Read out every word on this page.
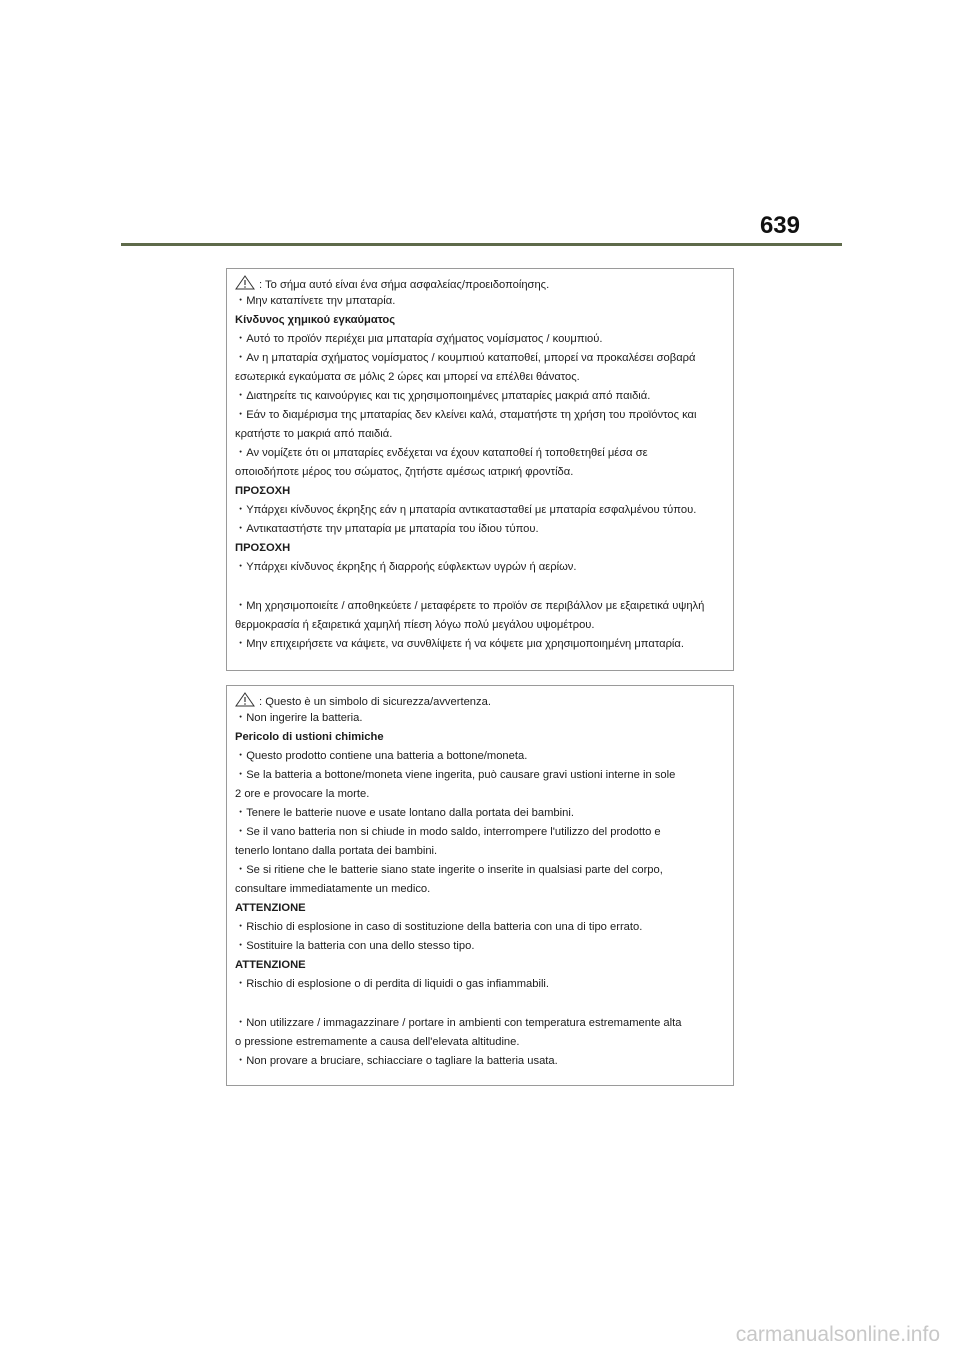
639
: Το σήμα αυτό είναι ένα σήμα ασφαλείας/προειδοποίησης.
・Μην καταπίνετε την μπαταρία.
Κίνδυνος χημικού εγκαύματος
・Αυτό το προϊόν περιέχει μια μπαταρία σχήματος νομίσματος / κουμπιού.
・Αν η μπαταρία σχήματος νομίσματος / κουμπιού καταποθεί, μπορεί να προκαλέσει σοβαρά
εσωτερικά εγκαύματα σε μόλις 2 ώρες και μπορεί να επέλθει θάνατος.
・Διατηρείτε τις καινούργιες και τις χρησιμοποιημένες μπαταρίες μακριά από παιδιά.
・Εάν το διαμέρισμα της μπαταρίας δεν κλείνει καλά, σταματήστε τη χρήση του προϊόντος και
κρατήστε το μακριά από παιδιά.
・Αν νομίζετε ότι οι μπαταρίες ενδέχεται να έχουν καταποθεί ή τοποθετηθεί μέσα σε
οποιοδήποτε μέρος του σώματος, ζητήστε αμέσως ιατρική φροντίδα.
ΠΡΟΣΟΧΗ
・Υπάρχει κίνδυνος έκρηξης εάν η μπαταρία αντικατασταθεί με μπαταρία εσφαλμένου τύπου.
・Αντικαταστήστε την μπαταρία με μπαταρία του ίδιου τύπου.
ΠΡΟΣΟΧΗ
・Υπάρχει κίνδυνος έκρηξης ή διαρροής εύφλεκτων υγρών ή αερίων.
・Μη χρησιμοποιείτε / αποθηκεύετε / μεταφέρετε το προϊόν σε περιβάλλον με εξαιρετικά υψηλή
θερμοκρασία ή εξαιρετικά χαμηλή πίεση λόγω πολύ μεγάλου υψομέτρου.
・Μην επιχειρήσετε να κάψετε, να συνθλίψετε ή να κόψετε μια χρησιμοποιημένη μπαταρία.
: Questo è un simbolo di sicurezza/avvertenza.
・Non ingerire la batteria.
Pericolo di ustioni chimiche
・Questo prodotto contiene una batteria a bottone/moneta.
・Se la batteria a bottone/moneta viene ingerita, può causare gravi ustioni interne in sole
2 ore e provocare la morte.
・Tenere le batterie nuove e usate lontano dalla portata dei bambini.
・Se il vano batteria non si chiude in modo saldo, interrompere l'utilizzo del prodotto e
tenerlo lontano dalla portata dei bambini.
・Se si ritiene che le batterie siano state ingerite o inserite in qualsiasi parte del corpo,
consultare immediatamente un medico.
ATTENZIONE
・Rischio di esplosione in caso di sostituzione della batteria con una di tipo errato.
・Sostituire la batteria con una dello stesso tipo.
ATTENZIONE
・Rischio di esplosione o di perdita di liquidi o gas infiammabili.
・Non utilizzare / immagazzinare / portare in ambienti con temperatura estremamente alta
o pressione estremamente a causa dell'elevata altitudine.
・Non provare a bruciare, schiacciare o tagliare la batteria usata.
carmanualsonline.info
